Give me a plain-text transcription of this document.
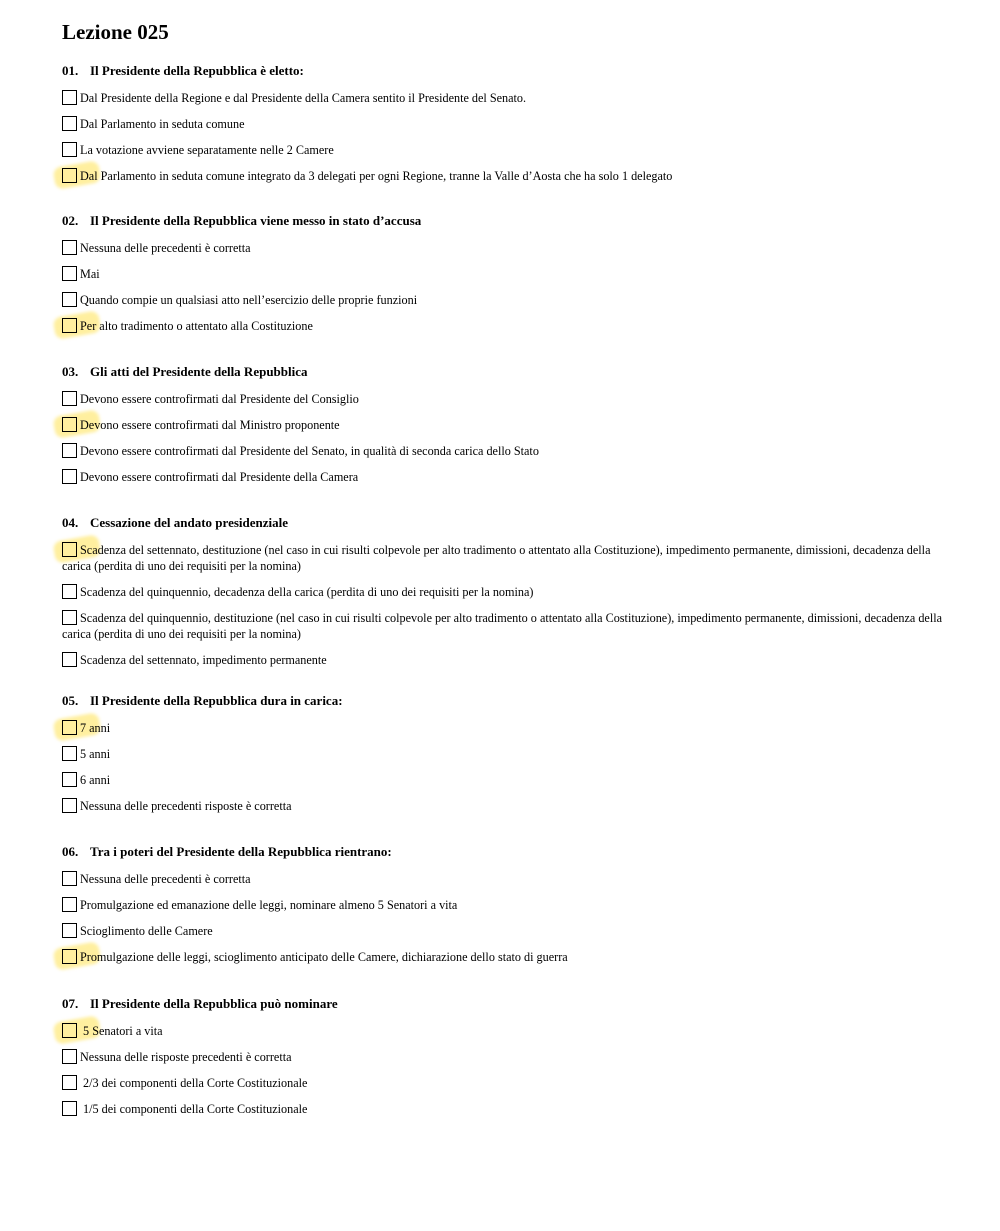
Lezione 025
01. Il Presidente della Repubblica è eletto:
Dal Presidente della Regione e dal Presidente della Camera sentito il Presidente del Senato.
Dal Parlamento in seduta comune
La votazione avviene separatamente nelle 2 Camere
Dal Parlamento in seduta comune integrato da 3 delegati per ogni Regione, tranne la Valle d’Aosta che ha solo 1 delegato
02. Il Presidente della Repubblica viene messo in stato d’accusa
Nessuna delle precedenti è corretta
Mai
Quando compie un qualsiasi atto nell’esercizio delle proprie funzioni
Per alto tradimento o attentato alla Costituzione
03. Gli atti del Presidente della Repubblica
Devono essere controfirmati dal Presidente del Consiglio
Devono essere controfirmati dal Ministro proponente
Devono essere controfirmati dal Presidente del Senato, in qualità di seconda carica dello Stato
Devono essere controfirmati dal Presidente della Camera
04. Cessazione del andato presidenziale
Scadenza del settennato, destituzione (nel caso in cui risulti colpevole per alto tradimento o attentato alla Costituzione), impedimento permanente, dimissioni, decadenza della carica (perdita di uno dei requisiti per la nomina)
Scadenza del quinquennio, decadenza della carica (perdita di uno dei requisiti per la nomina)
Scadenza del quinquennio, destituzione (nel caso in cui risulti colpevole per alto tradimento o attentato alla Costituzione), impedimento permanente, dimissioni, decadenza della carica (perdita di uno dei requisiti per la nomina)
Scadenza del settennato, impedimento permanente
05. Il Presidente della Repubblica dura in carica:
7 anni
5 anni
6 anni
Nessuna delle precedenti risposte è corretta
06. Tra i poteri del Presidente della Repubblica rientrano:
Nessuna delle precedenti è corretta
Promulgazione ed emanazione delle leggi, nominare almeno 5 Senatori a vita
Scioglimento delle Camere
Promulgazione delle leggi, scioglimento anticipato delle Camere, dichiarazione dello stato di guerra
07. Il Presidente della Repubblica può nominare
5 Senatori a vita
Nessuna delle risposte precedenti è corretta
2/3 dei componenti della Corte Costituzionale
1/5 dei componenti della Corte Costituzionale
